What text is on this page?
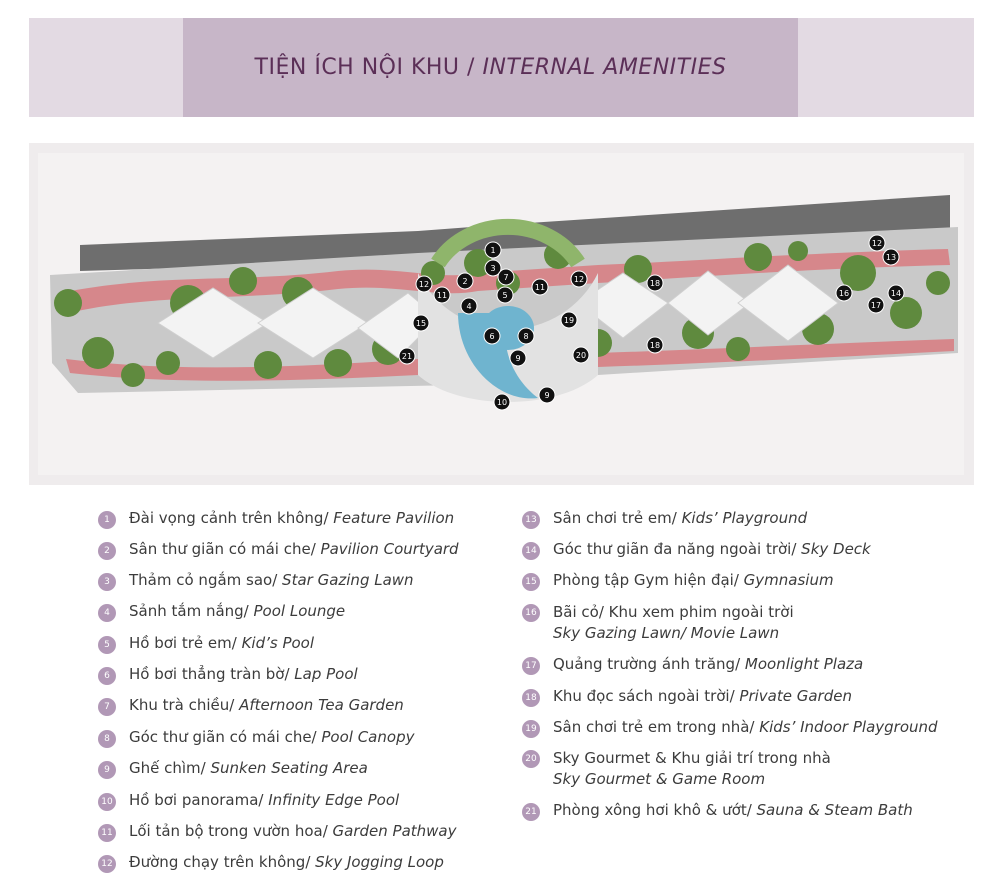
TIỆN ÍCH NỘI KHU / INTERNAL AMENITIES
1
2
3
4
5
6
7
8
9
9
10
11
11
12
12
12
13
14
15
16
17
18
18
19
20
21
1	Đài vọng cảnh trên không/ Feature Pavilion
2	Sân thư giãn có mái che/ Pavilion Courtyard
3	Thảm cỏ ngắm sao/ Star Gazing Lawn
4	Sảnh tắm nắng/ Pool Lounge
5	Hồ bơi trẻ em/ Kid’s Pool
6	Hồ bơi thẳng tràn bờ/ Lap Pool
7	Khu trà chiều/ Afternoon Tea Garden
8	Góc thư giãn có mái che/ Pool Canopy
9	Ghế chìm/ Sunken Seating Area
10 Hồ bơi panorama/ Infinity Edge Pool
11 Lối tản bộ trong vườn hoa/ Garden Pathway
12 Đường chạy trên không/ Sky Jogging Loop
13 Sân chơi trẻ em/ Kids’ Playground
14 Góc thư giãn đa năng ngoài trời/ Sky Deck
15 Phòng tập Gym hiện đại/ Gymnasium
16 Bãi cỏ/ Khu xem phim ngoài trời
Sky Gazing Lawn/ Movie Lawn
17 Quảng trường ánh trăng/ Moonlight Plaza
18 Khu đọc sách ngoài trời/ Private Garden
19 Sân chơi trẻ em trong nhà/ Kids’ Indoor Playground
20 Sky Gourmet & Khu giải trí trong nhà
Sky Gourmet & Game Room
21 Phòng xông hơi khô & ướt/ Sauna & Steam Bath
